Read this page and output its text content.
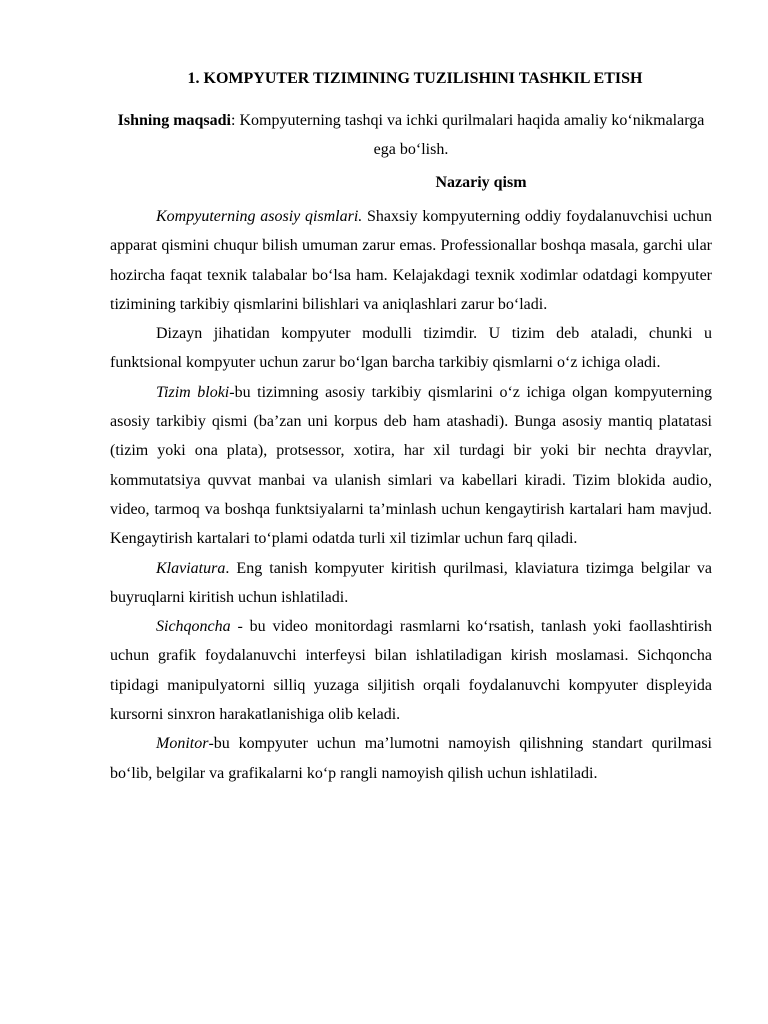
1. KOMPYUTER TIZIMINING TUZILISHINI TASHKIL ETISH

Ishning maqsadi: Kompyuterning tashqi va ichki qurilmalari haqida amaliy ko‘nikmalarga ega bo‘lish.

Nazariy qism

Kompyuterning asosiy qismlari. Shaxsiy kompyuterning oddiy foydalanuvchisi uchun apparat qismini chuqur bilish umuman zarur emas. Professionallar boshqa masala, garchi ular hozircha faqat texnik talabalar bo‘lsa ham. Kelajakdagi texnik xodimlar odatdagi kompyuter tizimining tarkibiy qismlarini bilishlari va aniqlashlari zarur bo‘ladi.

Dizayn jihatidan kompyuter modulli tizimdir. U tizim deb ataladi, chunki u funktsional kompyuter uchun zarur bo‘lgan barcha tarkibiy qismlarni o‘z ichiga oladi.

Tizim bloki-bu tizimning asosiy tarkibiy qismlarini o‘z ichiga olgan kompyuterning asosiy tarkibiy qismi (ba’zan uni korpus deb ham atashadi). Bunga asosiy mantiq platatasi (tizim yoki ona plata), protsessor, xotira, har xil turdagi bir yoki bir nechta drayvlar, kommutatsiya quvvat manbai va ulanish simlari va kabellari kiradi. Tizim blokida audio, video, tarmoq va boshqa funktsiyalarni ta’minlash uchun kengaytirish kartalari ham mavjud. Kengaytirish kartalari to‘plami odatda turli xil tizimlar uchun farq qiladi.

Klaviatura. Eng tanish kompyuter kiritish qurilmasi, klaviatura tizimga belgilar va buyruqlarni kiritish uchun ishlatiladi.

Sichqoncha - bu video monitordagi rasmlarni ko‘rsatish, tanlash yoki faollashtirish uchun grafik foydalanuvchi interfeysi bilan ishlatiladigan kirish moslamasi. Sichqoncha tipidagi manipulyatorni silliq yuzaga siljitish orqali foydalanuvchi kompyuter displeyida kursorni sinxron harakatlanishiga olib keladi.

Monitor-bu kompyuter uchun ma’lumotni namoyish qilishning standart qurilmasi bo‘lib, belgilar va grafikalarni ko‘p rangli namoyish qilish uchun ishlatiladi.
